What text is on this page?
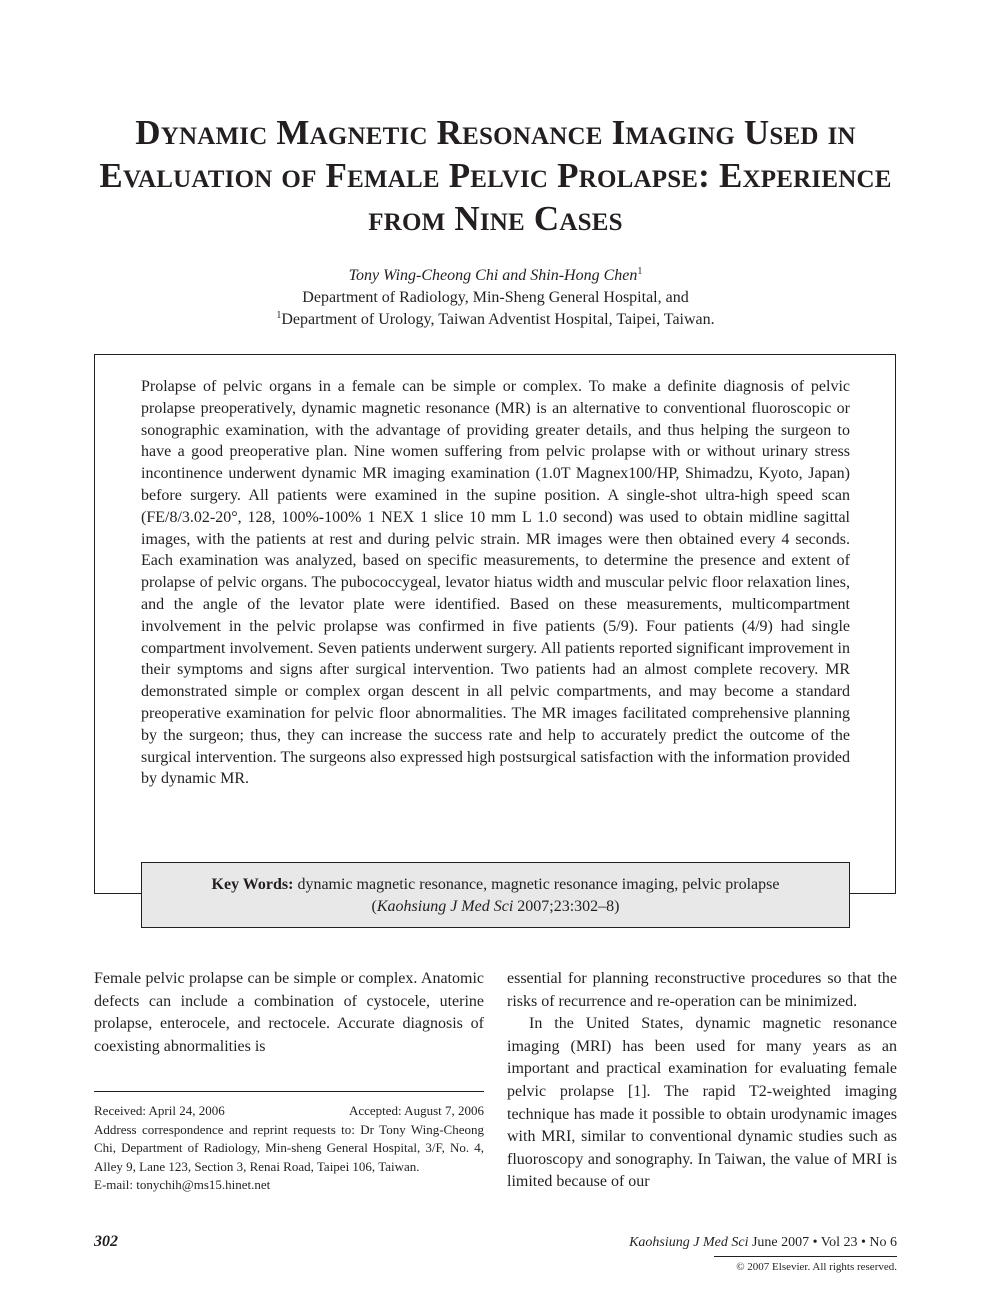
Dynamic Magnetic Resonance Imaging Used in Evaluation of Female Pelvic Prolapse: Experience from Nine Cases
Tony Wing-Cheong Chi and Shin-Hong Chen$^1$
Department of Radiology, Min-Sheng General Hospital, and
$^1$Department of Urology, Taiwan Adventist Hospital, Taipei, Taiwan.

Prolapse of pelvic organs in a female can be simple or complex. To make a definite diagnosis of pelvic prolapse preoperatively, dynamic magnetic resonance (MR) is an alternative to conventional fluoroscopic or sonographic examination, with the advantage of providing greater details, and thus helping the surgeon to have a good preoperative plan. Nine women suffering from pelvic prolapse with or without urinary stress incontinence underwent dynamic MR imaging examination (1.0T Magnex100/HP, Shimadzu, Kyoto, Japan) before surgery. All patients were examined in the supine position. A single-shot ultra-high speed scan (FE/8/3.02-20°, 128, 100%-100% 1 NEX 1 slice 10 mm L 1.0 second) was used to obtain midline sagittal images, with the patients at rest and during pelvic strain. MR images were then obtained every 4 seconds. Each examination was analyzed, based on specific measurements, to determine the presence and extent of prolapse of pelvic organs. The pubococcygeal, levator hiatus width and muscular pelvic floor relaxation lines, and the angle of the levator plate were identified. Based on these measurements, multicompartment involvement in the pelvic prolapse was confirmed in five patients (5/9). Four patients (4/9) had single compartment involvement. Seven patients underwent surgery. All patients reported significant improvement in their symptoms and signs after surgical intervention. Two patients had an almost complete recovery. MR demonstrated simple or complex organ descent in all pelvic compartments, and may become a standard preoperative examination for pelvic floor abnormalities. The MR images facilitated comprehensive planning by the surgeon; thus, they can increase the success rate and help to accurately predict the outcome of the surgical intervention. The surgeons also expressed high postsurgical satisfaction with the information provided by dynamic MR.

Key Words: dynamic magnetic resonance, magnetic resonance imaging, pelvic prolapse
(Kaohsiung J Med Sci 2007;23:302–8)

Female pelvic prolapse can be simple or complex. Anatomic defects can include a combination of cystocele, uterine prolapse, enterocele, and rectocele. Accurate diagnosis of coexisting abnormalities is

essential for planning reconstructive procedures so that the risks of recurrence and re-operation can be minimized.

In the United States, dynamic magnetic resonance imaging (MRI) has been used for many years as an important and practical examination for evaluating female pelvic prolapse [1]. The rapid T2-weighted imaging technique has made it possible to obtain urodynamic images with MRI, similar to conventional dynamic studies such as fluoroscopy and sonography. In Taiwan, the value of MRI is limited because of our

Received: April 24, 2006	Accepted: August 7, 2006

Address correspondence and reprint requests to: Dr Tony Wing-Cheong Chi, Department of Radiology, Min-sheng General Hospital, 3/F, No. 4, Alley 9, Lane 123, Section 3, Renai Road, Taipei 106, Taiwan.

E-mail: tonychih@ms15.hinet.net

302	Kaohsiung J Med Sci June 2007 • Vol 23 • No 6
© 2007 Elsevier. All rights reserved.
